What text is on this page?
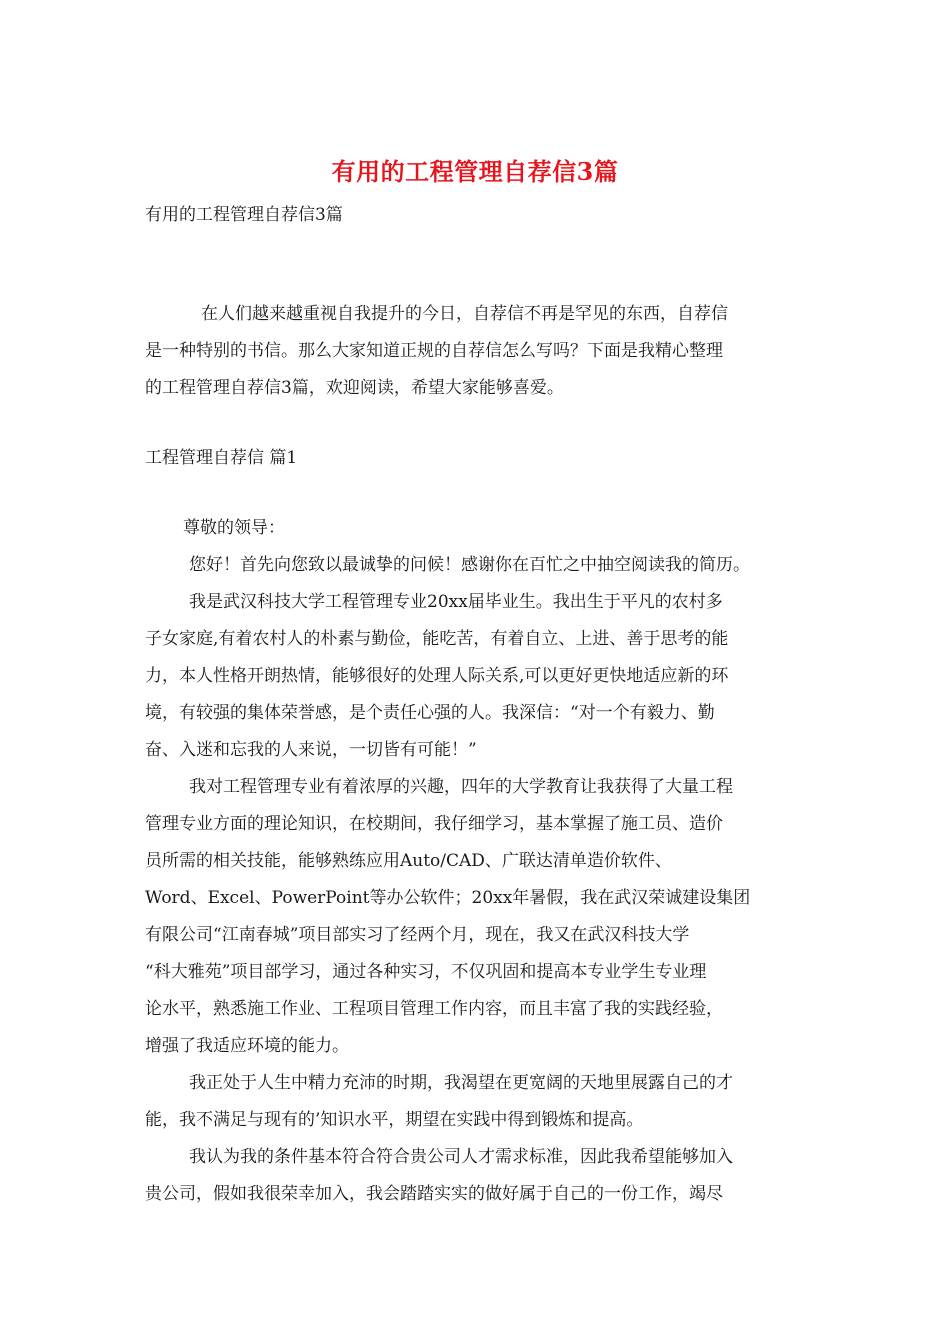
有用的工程管理自荐信3篇
有用的工程管理自荐信3篇
在人们越来越重视自我提升的今日，自荐信不再是罕见的东西，自荐信
是一种特别的书信。那么大家知道正规的自荐信怎么写吗？下面是我精心整理
的工程管理自荐信3篇，欢迎阅读，希望大家能够喜爱。
工程管理自荐信 篇1
尊敬的领导：
您好！首先向您致以最诚挚的问候！感谢你在百忙之中抽空阅读我的简历。
我是武汉科技大学工程管理专业20xx届毕业生。我出生于平凡的农村多
子女家庭,有着农村人的朴素与勤俭，能吃苦，有着自立、上进、善于思考的能
力，本人性格开朗热情，能够很好的处理人际关系,可以更好更快地适应新的环
境，有较强的集体荣誉感，是个责任心强的人。我深信：“对一个有毅力、勤
奋、入迷和忘我的人来说，一切皆有可能！”
我对工程管理专业有着浓厚的兴趣，四年的大学教育让我获得了大量工程
管理专业方面的理论知识，在校期间，我仔细学习，基本掌握了施工员、造价
员所需的相关技能，能够熟练应用Auto/CAD、广联达清单造价软件、
Word、Excel、PowerPoint等办公软件；20xx年暑假，我在武汉荣诚建设集团
有限公司“江南春城”项目部实习了经两个月，现在，我又在武汉科技大学
“科大雅苑”项目部学习，通过各种实习，不仅巩固和提高本专业学生专业理
论水平，熟悉施工作业、工程项目管理工作内容，而且丰富了我的实践经验，
增强了我适应环境的能力。
我正处于人生中精力充沛的时期，我渴望在更宽阔的天地里展露自己的才
能，我不满足与现有的’知识水平，期望在实践中得到锻炼和提高。
我认为我的条件基本符合符合贵公司人才需求标准，因此我希望能够加入
贵公司，假如我很荣幸加入，我会踏踏实实的做好属于自己的一份工作，竭尽
